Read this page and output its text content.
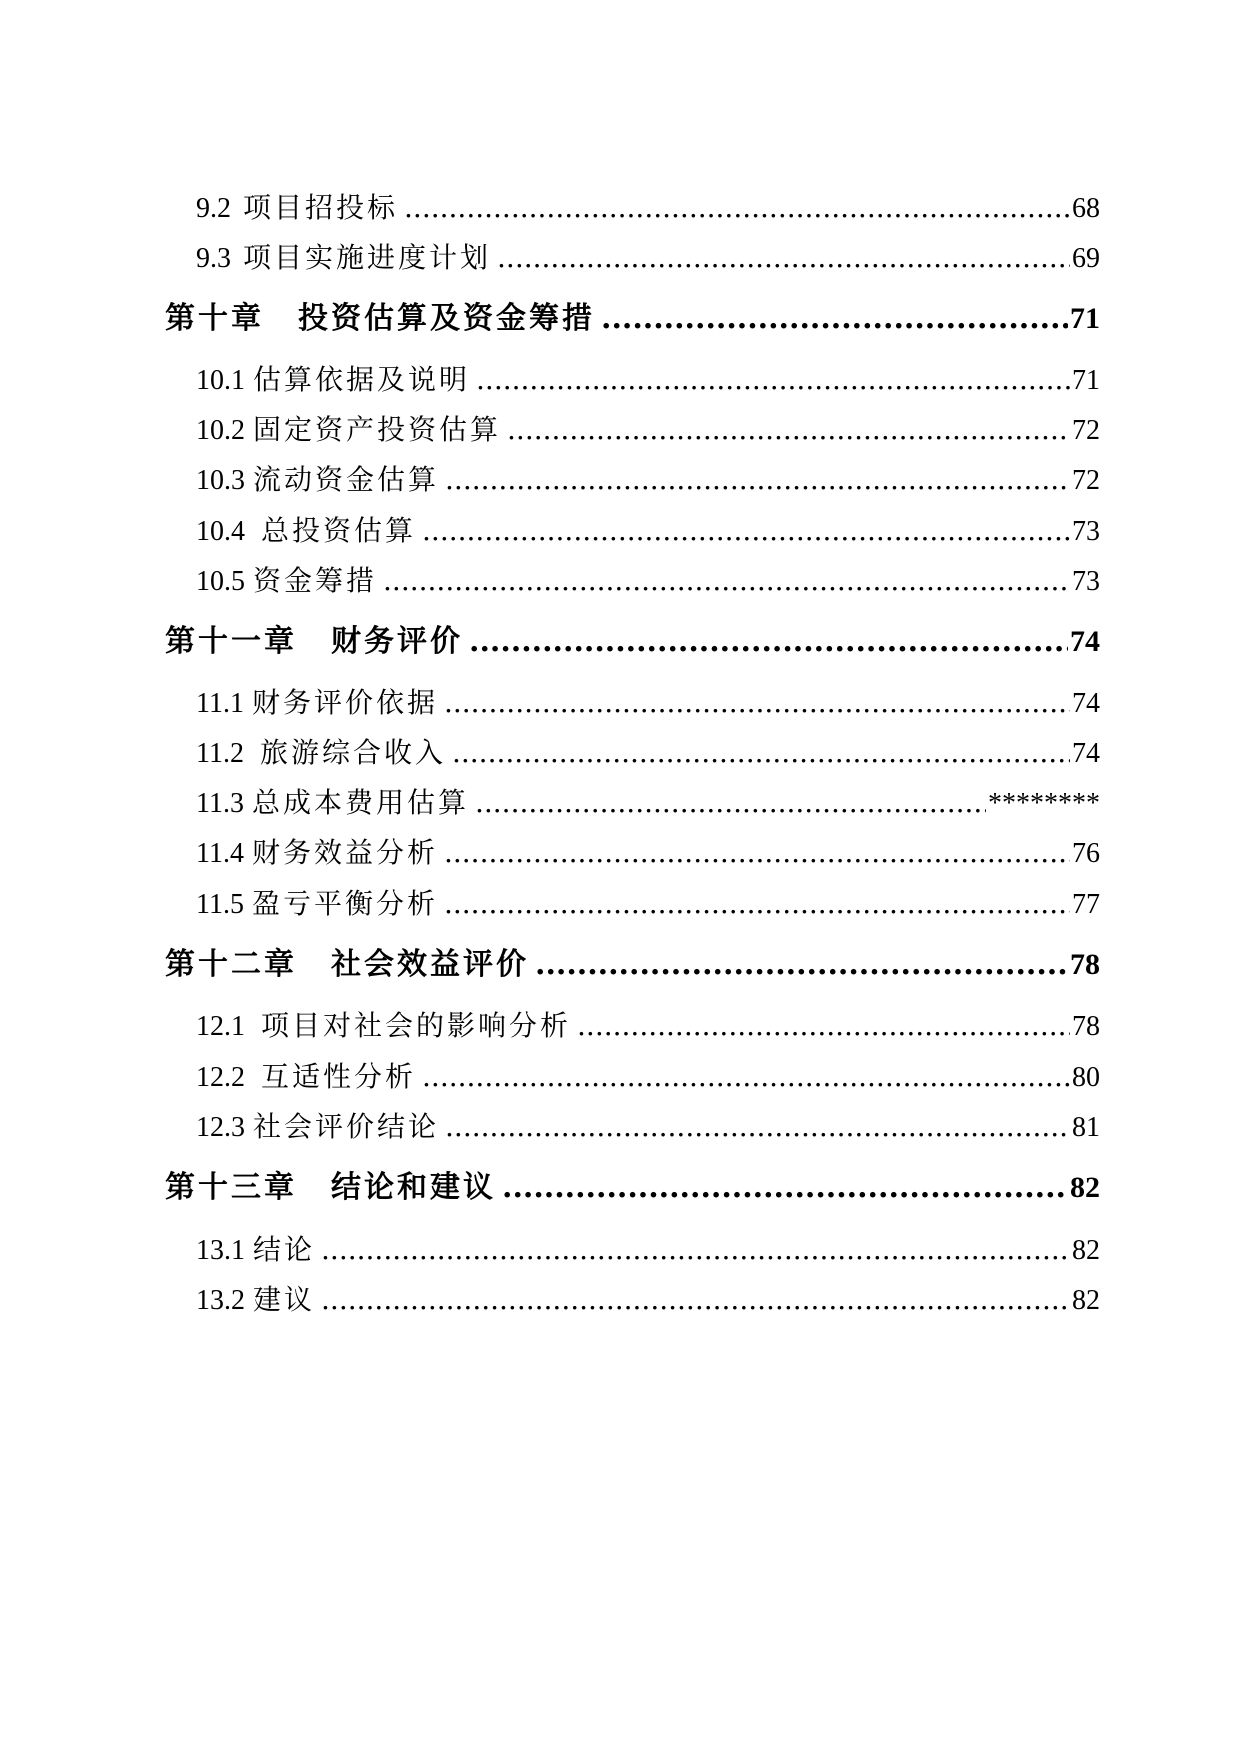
9.2 项目招投标 .....	68
9.3 项目实施进度计划 .....	69
第十章 投资估算及资金筹措 .....	71
10.1 估算依据及说明 .....	71
10.2 固定资产投资估算 .....	72
10.3 流动资金估算 .....	72
10.4 总投资估算 .....	73
10.5 资金筹措 .....	73
第十一章 财务评价 .....	74
11.1 财务评价依据 .....	74
11.2 旅游综合收入 .....	74
11.3 总成本费用估算 .....	********
11.4 财务效益分析 .....	76
11.5 盈亏平衡分析 .....	77
第十二章 社会效益评价 .....	78
12.1 项目对社会的影响分析 .....	78
12.2 互适性分析 .....	80
12.3 社会评价结论 .....	81
第十三章 结论和建议 .....	82
13.1 结论 .....	82
13.2 建议 .....	82
